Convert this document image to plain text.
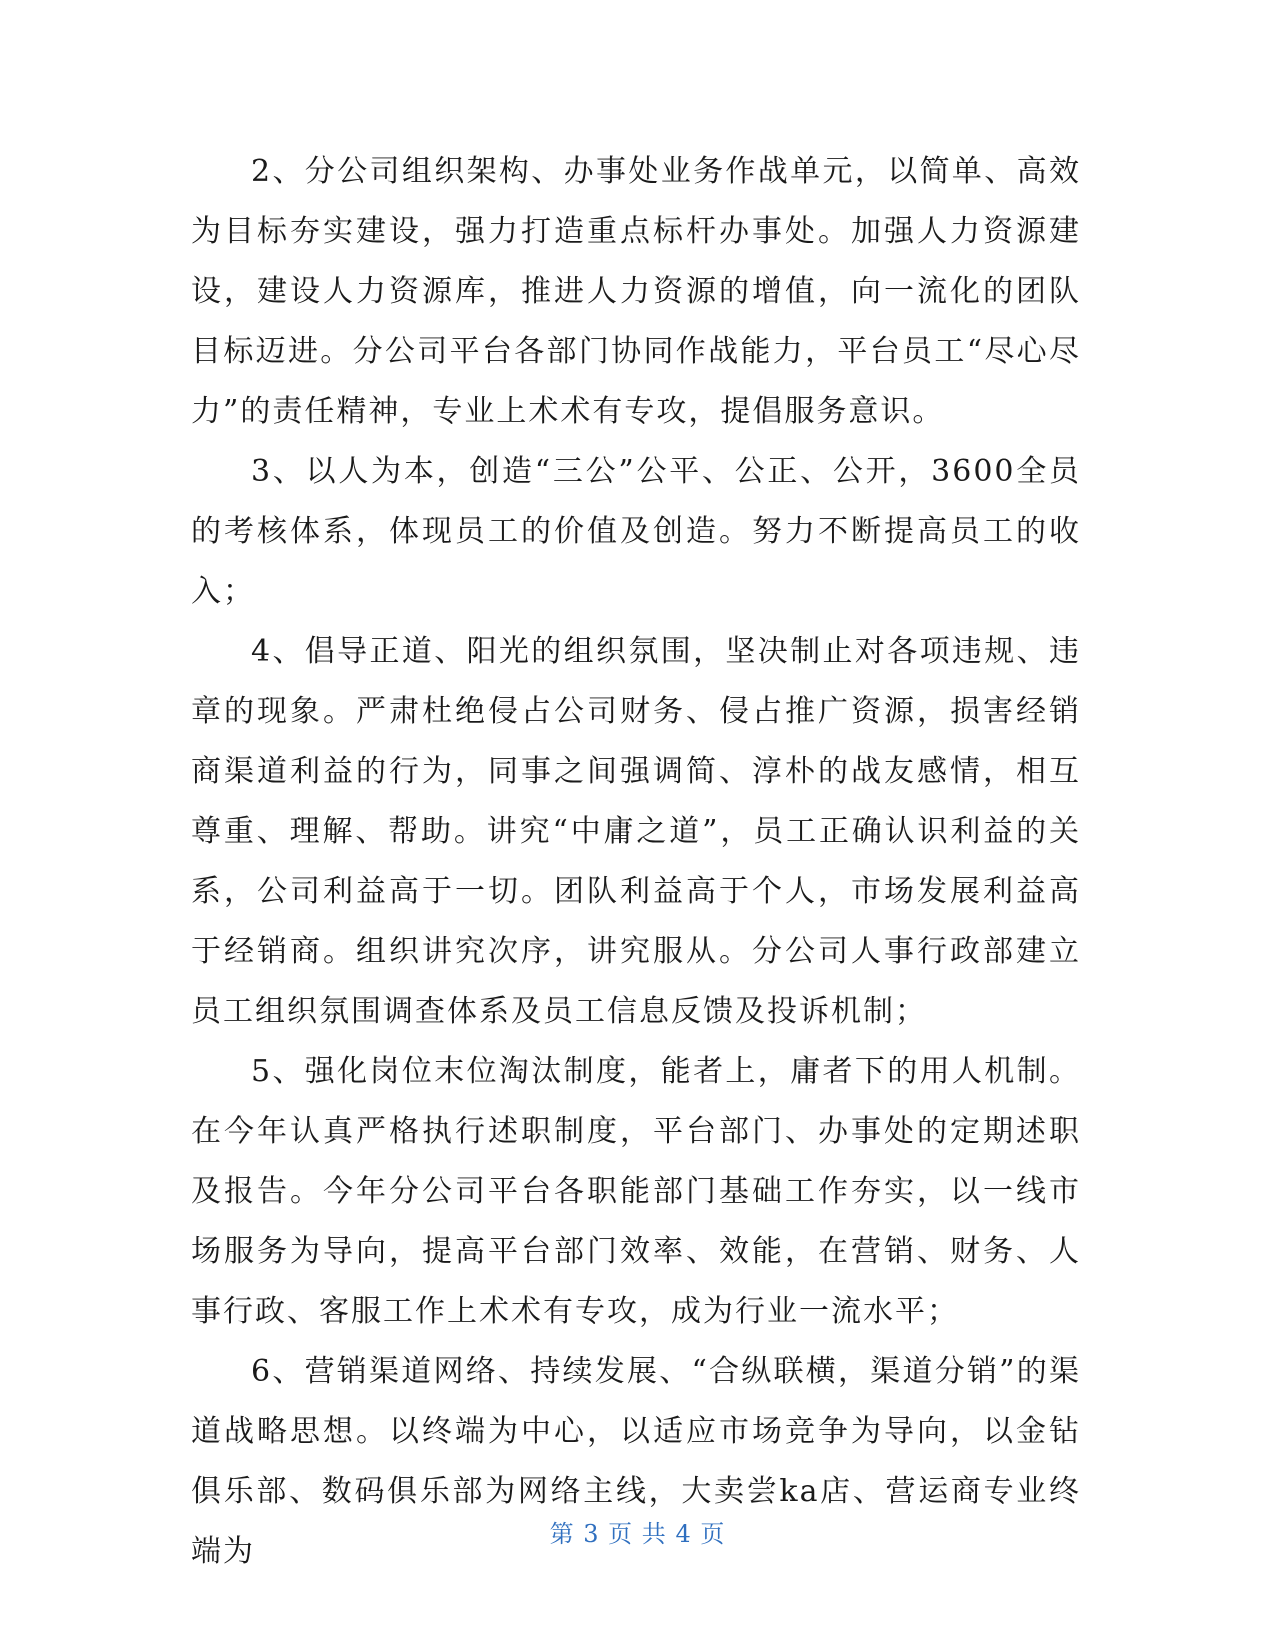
2、分公司组织架构、办事处业务作战单元，以简单、高效为目标夯实建设，强力打造重点标杆办事处。加强人力资源建设，建设人力资源库，推进人力资源的增值，向一流化的团队目标迈进。分公司平台各部门协同作战能力，平台员工“尽心尽力”的责任精神，专业上术术有专攻，提倡服务意识。

3、以人为本，创造“三公”公平、公正、公开，3600全员的考核体系，体现员工的价值及创造。努力不断提高员工的收入；

4、倡导正道、阳光的组织氛围，坚决制止对各项违规、违章的现象。严肃杜绝侵占公司财务、侵占推广资源，损害经销商渠道利益的行为，同事之间强调简、淳朴的战友感情，相互尊重、理解、帮助。讲究“中庸之道”，员工正确认识利益的关系，公司利益高于一切。团队利益高于个人，市场发展利益高于经销商。组织讲究次序，讲究服从。分公司人事行政部建立员工组织氛围调查体系及员工信息反馈及投诉机制；

5、强化岗位末位淘汰制度，能者上，庸者下的用人机制。在今年认真严格执行述职制度，平台部门、办事处的定期述职及报告。今年分公司平台各职能部门基础工作夯实，以一线市场服务为导向，提高平台部门效率、效能，在营销、财务、人事行政、客服工作上术术有专攻，成为行业一流水平；

6、营销渠道网络、持续发展、“合纵联横，渠道分销”的渠道战略思想。以终端为中心，以适应市场竞争为导向，以金钻俱乐部、数码俱乐部为网络主线，大卖尝ka店、营运商专业终端为	第 3 页 共 4 页
